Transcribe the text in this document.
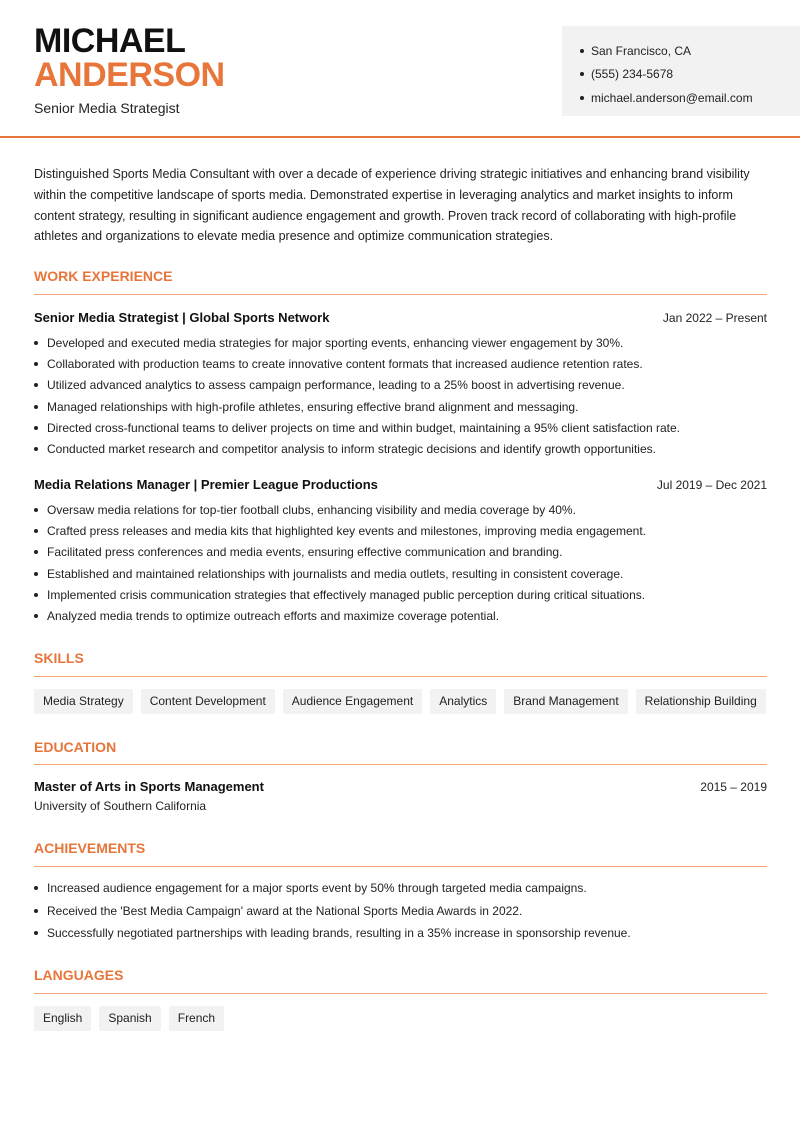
MICHAEL
ANDERSON
Senior Media Strategist
San Francisco, CA
(555) 234-5678
michael.anderson@email.com

Distinguished Sports Media Consultant with over a decade of experience driving strategic initiatives and enhancing brand visibility within the competitive landscape of sports media. Demonstrated expertise in leveraging analytics and market insights to inform content strategy, resulting in significant audience engagement and growth. Proven track record of collaborating with high-profile athletes and organizations to elevate media presence and optimize communication strategies.

WORK EXPERIENCE
Senior Media Strategist | Global Sports Network	Jan 2022 – Present
Developed and executed media strategies for major sporting events, enhancing viewer engagement by 30%.
Collaborated with production teams to create innovative content formats that increased audience retention rates.
Utilized advanced analytics to assess campaign performance, leading to a 25% boost in advertising revenue.
Managed relationships with high-profile athletes, ensuring effective brand alignment and messaging.
Directed cross-functional teams to deliver projects on time and within budget, maintaining a 95% client satisfaction rate.
Conducted market research and competitor analysis to inform strategic decisions and identify growth opportunities.
Media Relations Manager | Premier League Productions	Jul 2019 – Dec 2021
Oversaw media relations for top-tier football clubs, enhancing visibility and media coverage by 40%.
Crafted press releases and media kits that highlighted key events and milestones, improving media engagement.
Facilitated press conferences and media events, ensuring effective communication and branding.
Established and maintained relationships with journalists and media outlets, resulting in consistent coverage.
Implemented crisis communication strategies that effectively managed public perception during critical situations.
Analyzed media trends to optimize outreach efforts and maximize coverage potential.
SKILLS
Media Strategy	Content Development	Audience Engagement	Analytics	Brand Management	Relationship Building
EDUCATION
Master of Arts in Sports Management	2015 – 2019
University of Southern California
ACHIEVEMENTS
Increased audience engagement for a major sports event by 50% through targeted media campaigns.
Received the 'Best Media Campaign' award at the National Sports Media Awards in 2022.
Successfully negotiated partnerships with leading brands, resulting in a 35% increase in sponsorship revenue.
LANGUAGES
English	Spanish	French
